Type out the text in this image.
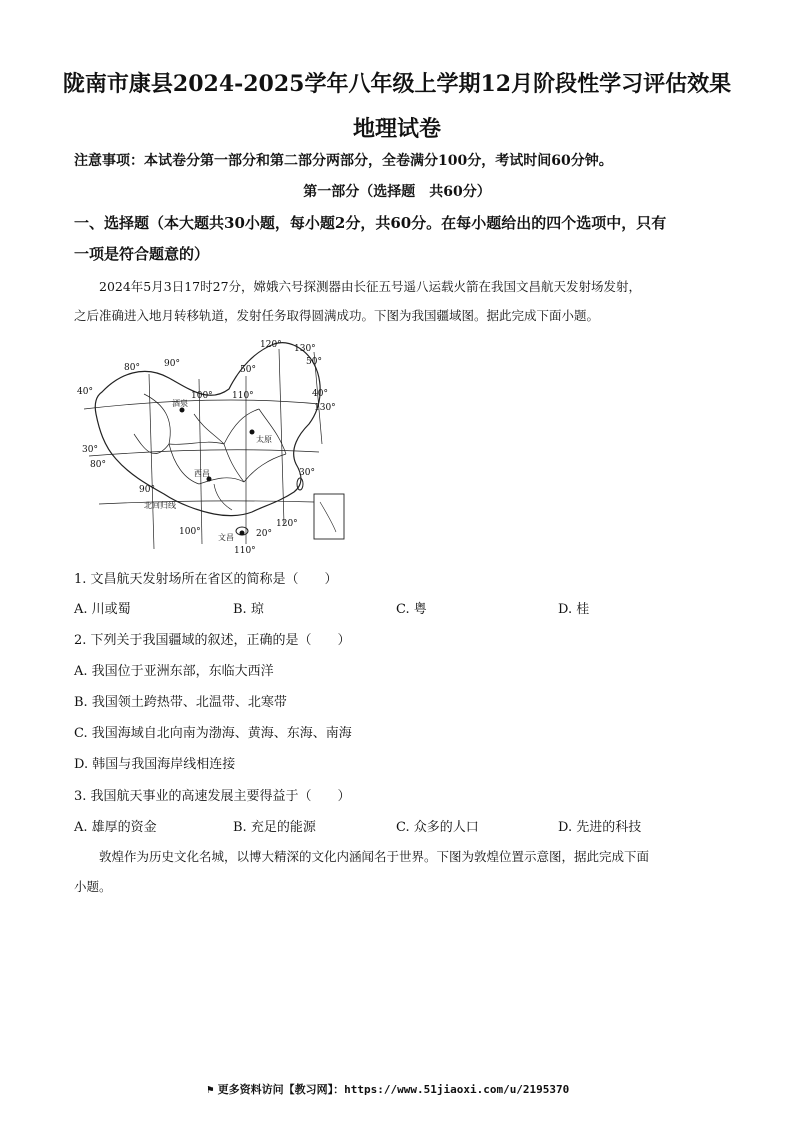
陇南市康县2024-2025学年八年级上学期12月阶段性学习评估效果
地理试卷
注意事项：本试卷分第一部分和第二部分两部分，全卷满分100分，考试时间60分钟。
第一部分（选择题　共60分）
一、选择题（本大题共30小题，每小题2分，共60分。在每小题给出的四个选项中，只有
一项是符合题意的）
2024年5月3日17时27分，嫦娥六号探测器由长征五号遥八运载火箭在我国文昌航天发射场发射，
之后准确进入地月转移轨道，发射任务取得圆满成功。下图为我国疆域图。据此完成下面小题。
80°	90°
100° 110°
120° 130°
50°
50°
40°	40°
130°
30°
30°
80°
90°
100°
120°
20°
110°
文昌
西昌
太原
酒泉
北回归线
1. 文昌航天发射场所在省区的简称是（　　）
A. 川或蜀	B. 琼	C. 粤	D. 桂
2. 下列关于我国疆域的叙述，正确的是（　　）
A. 我国位于亚洲东部，东临大西洋
B. 我国领土跨热带、北温带、北寒带
C. 我国海域自北向南为渤海、黄海、东海、南海
D. 韩国与我国海岸线相连接
3. 我国航天事业的高速发展主要得益于（　　）
A. 雄厚的资金	B. 充足的能源	C. 众多的人口	D. 先进的科技
敦煌作为历史文化名城，以博大精深的文化内涵闻名于世界。下图为敦煌位置示意图，据此完成下面
小题。
⚑ 更多资料访问【教习网】：https://www.51jiaoxi.com/u/2195370
